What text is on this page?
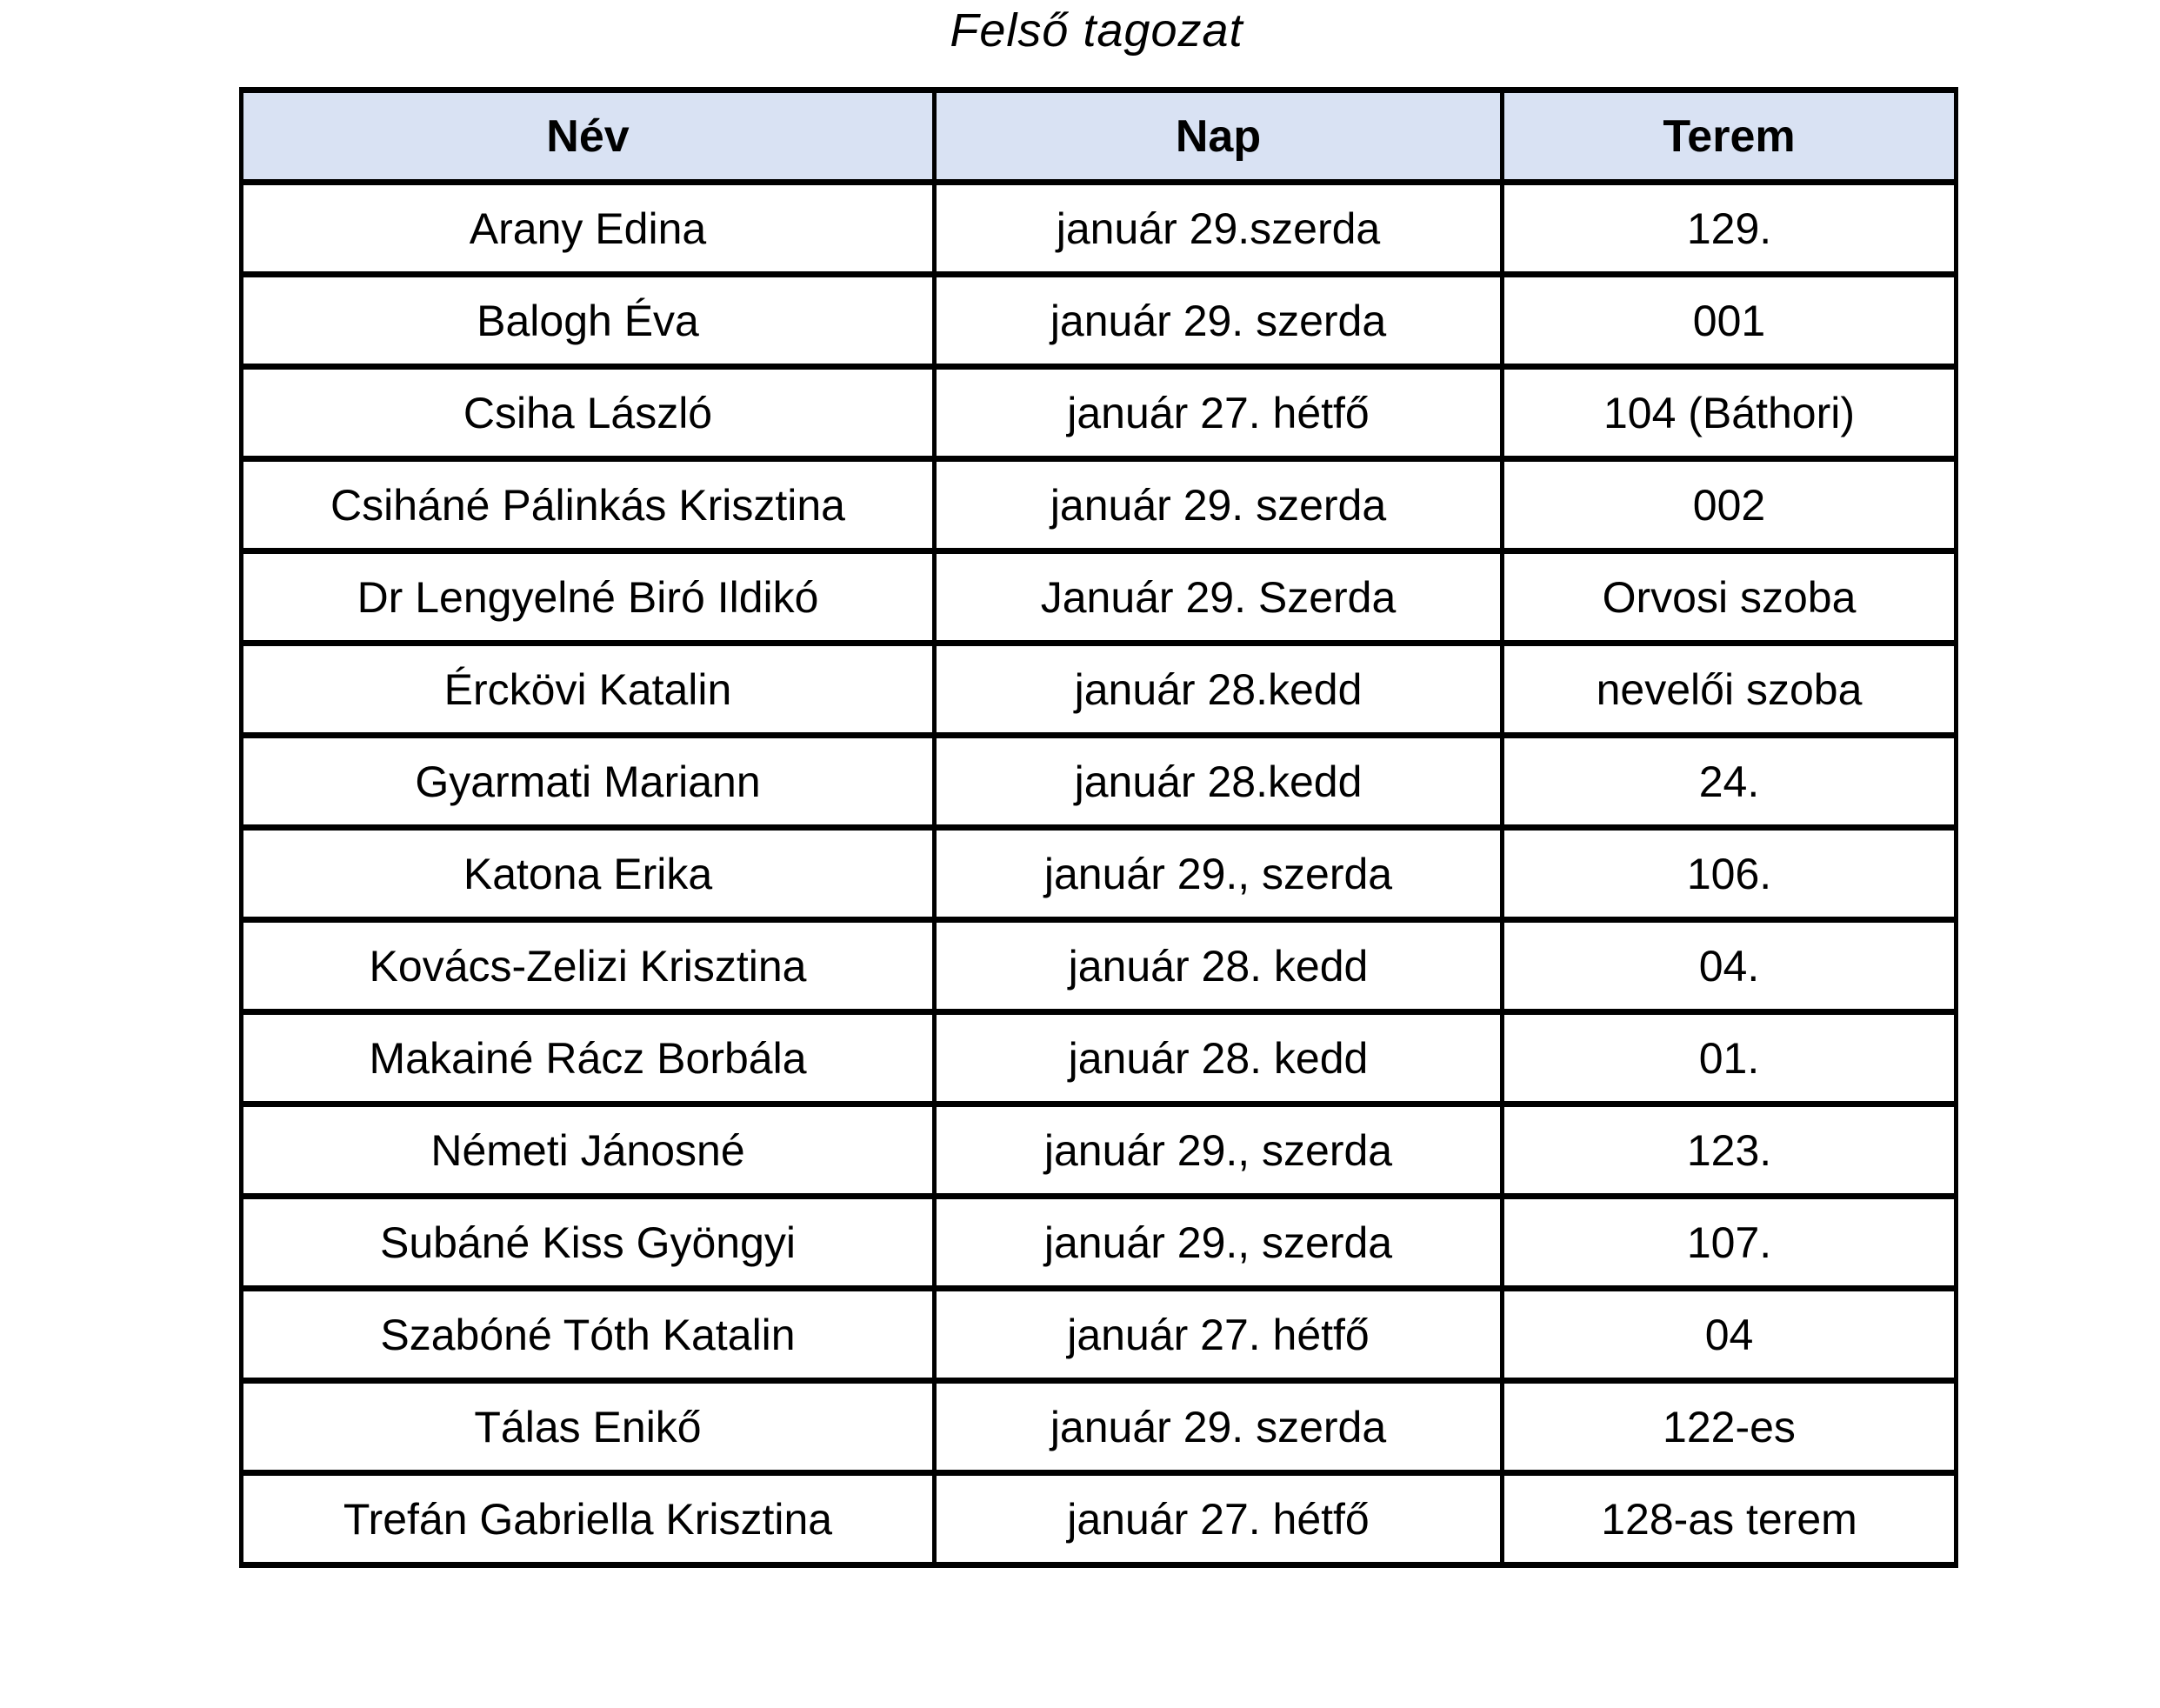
Felső tagozat
Név	Nap	Terem
Arany Edina	január 29.szerda	129.
Balogh Éva	január 29. szerda	001
Csiha László	január 27. hétfő	104 (Báthori)
Csiháné Pálinkás Krisztina	január 29. szerda	002
Dr Lengyelné Biró Ildikó	Január 29. Szerda	Orvosi szoba
Érckövi Katalin	január 28.kedd	nevelői szoba
Gyarmati Mariann	január 28.kedd	24.
Katona Erika	január 29., szerda	106.
Kovács-Zelizi Krisztina	január 28. kedd	04.
Makainé Rácz Borbála	január 28. kedd	01.
Németi Jánosné	január 29., szerda	123.
Subáné Kiss Gyöngyi	január 29., szerda	107.
Szabóné Tóth Katalin	január 27. hétfő	04
Tálas Enikő	január 29. szerda	122-es
Trefán Gabriella Krisztina	január 27. hétfő	128-as terem
